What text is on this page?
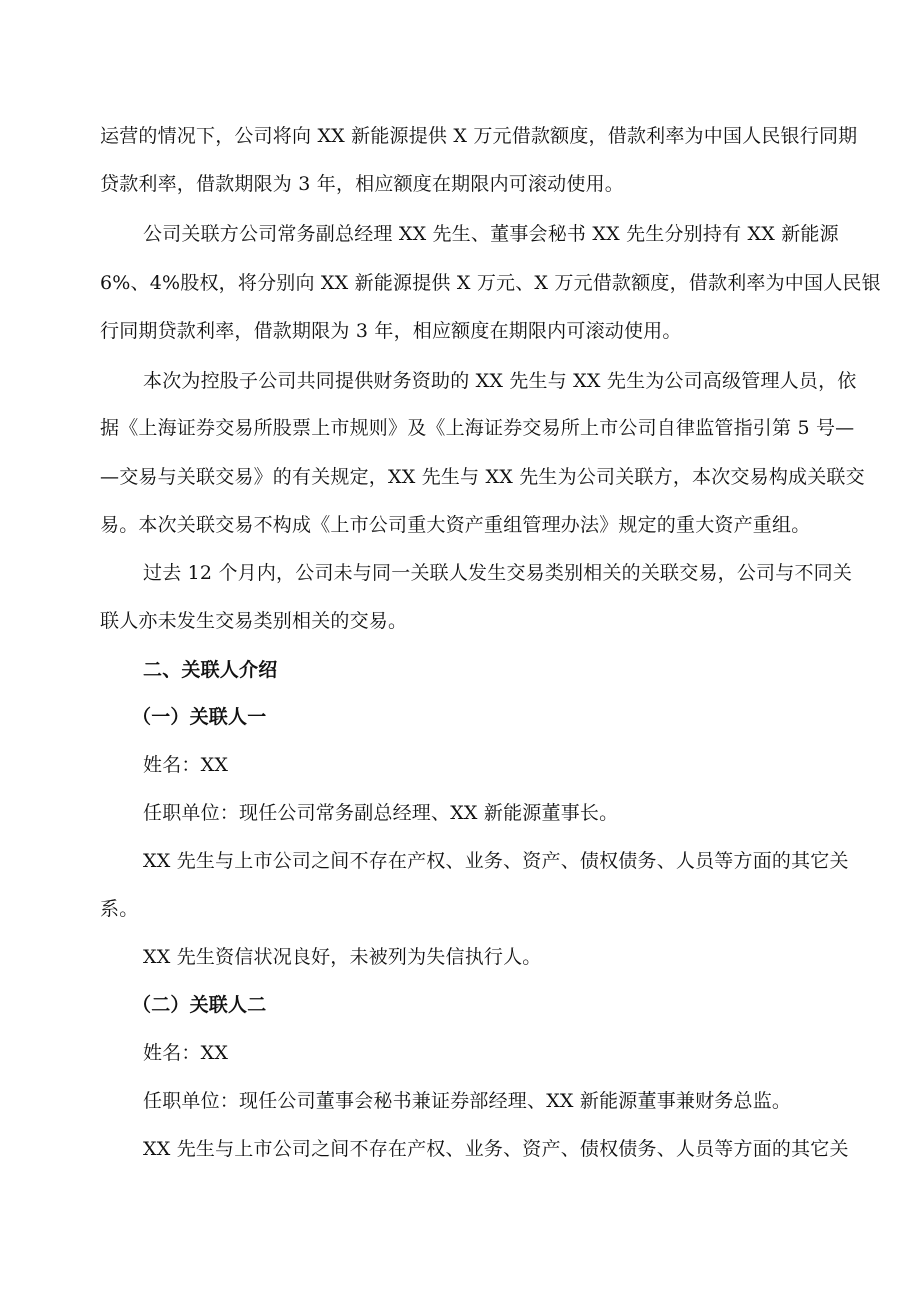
运营的情况下，公司将向 XX 新能源提供 X 万元借款额度，借款利率为中国人民银行同期
贷款利率，借款期限为 3 年，相应额度在期限内可滚动使用。
公司关联方公司常务副总经理 XX 先生、董事会秘书 XX 先生分别持有 XX 新能源
6%、4%股权，将分别向 XX 新能源提供 X 万元、X 万元借款额度，借款利率为中国人民银
行同期贷款利率，借款期限为 3 年，相应额度在期限内可滚动使用。
本次为控股子公司共同提供财务资助的 XX 先生与 XX 先生为公司高级管理人员，依
据《上海证券交易所股票上市规则》及《上海证券交易所上市公司自律监管指引第 5 号—
—交易与关联交易》的有关规定，XX 先生与 XX 先生为公司关联方，本次交易构成关联交
易。本次关联交易不构成《上市公司重大资产重组管理办法》规定的重大资产重组。
过去 12 个月内，公司未与同一关联人发生交易类别相关的关联交易，公司与不同关
联人亦未发生交易类别相关的交易。
二、关联人介绍
（一）关联人一
姓名：XX
任职单位：现任公司常务副总经理、XX 新能源董事长。
XX 先生与上市公司之间不存在产权、业务、资产、债权债务、人员等方面的其它关
系。
XX 先生资信状况良好，未被列为失信执行人。
（二）关联人二
姓名：XX
任职单位：现任公司董事会秘书兼证券部经理、XX 新能源董事兼财务总监。
XX 先生与上市公司之间不存在产权、业务、资产、债权债务、人员等方面的其它关
